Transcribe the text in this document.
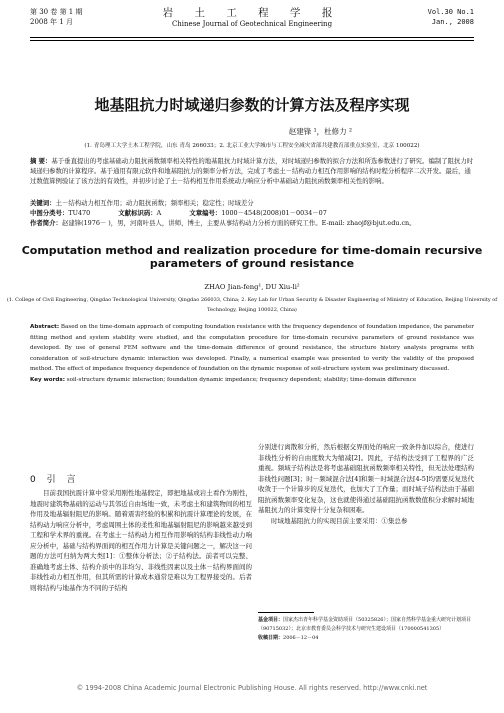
第 30 卷 第 1 期
2008 年 1 月
岩 土 工 程 学 报
Chinese Journal of Geotechnical Engineering
Vol.30 No.1
Jan., 2008
地基阻抗力时域递归参数的计算方法及程序实现
赵建锋 ¹，杜修力 ²
(1. 青岛理工大学土木工程学院，山东 青岛 266033；2. 北京工业大学城市与工程安全减灾省部共建教育部重点实验室，北京 100022)
摘 要：基于垂直提出的考虑基础动力阻抗函数频率相关特性的地基阻抗力时域计算方法，对时域递归参数的拟合方法和所选参数进行了研究。编制了阻抗力时域递归参数的计算程序。基于通用有限元软件和地基阻抗力的频率分析方法，完成了考虑土－结构动力相互作用影响的结构时程分析程序二次开发。最后，通过数值算例验证了该方法的有效性，并初步讨论了土－结构相互作用系统动力响应分析中基础动力阻抗函数频率相关性的影响。
关键词：土－结构动力相互作用；动力阻抗函数；频率相关；稳定性；时域差分
中图分类号：TU470	文献标识码：A	文章编号：1000－4548(2008)01－0034－07
作者简介：赵建锋(1976－ )，男，河南叶县人，讲师，博士，主要从事结构动力分析方面的研究工作。E-mail: zhaojf@bjut.edu.cn。
Computation method and realization procedure for time-domain recursive parameters of ground resistance
ZHAO Jian-feng¹, DU Xiu-li²
(1. College of Civil Engineering, Qingdao Technological University, Qingdao 266033, China; 2. Key Lab for Urban Security & Disaster Engineering of Ministry of Education, Beijing University of Technology, Beijing 100022, China)
Abstract: Based on the time-domain approach of computing foundation resistance with the frequency dependence of foundation impedance, the parameter fitting method and system stability were studied, and the computation procedure for time-domain recursive parameters of ground resistance was developed. By use of general FEM software and the time-domain difference of ground resistance, the structure history analysis programs with consideration of soil-structure dynamic interaction was developed. Finally, a numerical example was presented to verify the validity of the proposed method. The effect of impedance frequency dependence of foundation on the dynamic response of soil-structure system was preliminary discussed.
Key words: soil-structure dynamic interaction; foundation dynamic impedance; frequency dependent; stability; time-domain difference
0 引 言
目前我国抗震计算中常采用刚性地基假定，即把地基或岩土看作为刚性，地震时建筑物基础的运动与其邻近自由场地一致，未考虑土和建筑物间的相互作用及地基辐射阻尼的影响。随着震害经验的积累和抗震计算理论的发展，在结构动力响应分析中，考虑周围土体的柔性和地基辐射阻尼的影响越来越受到工程和学术界的重视。在考虑土－结构动力相互作用影响的结构非线性动力响应分析中，基础与结构界面间的相互作用力计算是关键问题之一，解决这一问题的方法可归纳为两大类[1]：①整体分析法；②子结构法。前者可以完整、准确地考虑土体、结构介质中的非均匀、非线性因素以及土体－结构界面间的非线性动力相互作用，但其所需的计算成本通常是难以为工程界接受的。后者则将结构与地基作为不同的子结构

分别进行离散和分析，然后根据交界面处的响应一致条件加以综合，使进行非线性分析的自由度数大为缩减[2]。因此，子结构法受到了工程界的广泛重视。频域子结构法是将考虑基础阻抗函数频率相关特性，但无法处理结构非线性问题[3]；时－频域混合法[4]和频－时域混合法[4-5]均需要反复迭代收敛于一个计算步的反复迭代，也加大了工作量；而时域子结构法由于基础阻抗函数频率变化复杂，这也就使得通过基础阻抗函数数值积分求解时域地基阻抗力的计算变得十分复杂和困难。

时域地基阻抗力的实现目前主要采用：①集总参

基金项目：国家杰出青年科学基金资助项目（50325826）；国家自然科学基金重大研究计划项目（90715032）；北京市教育委员会科学技术与研究生建设项目（170000541305）
收稿日期：2006－12－04
© 1994-2008 China Academic Journal Electronic Publishing House. All rights reserved. http://www.cnki.net
